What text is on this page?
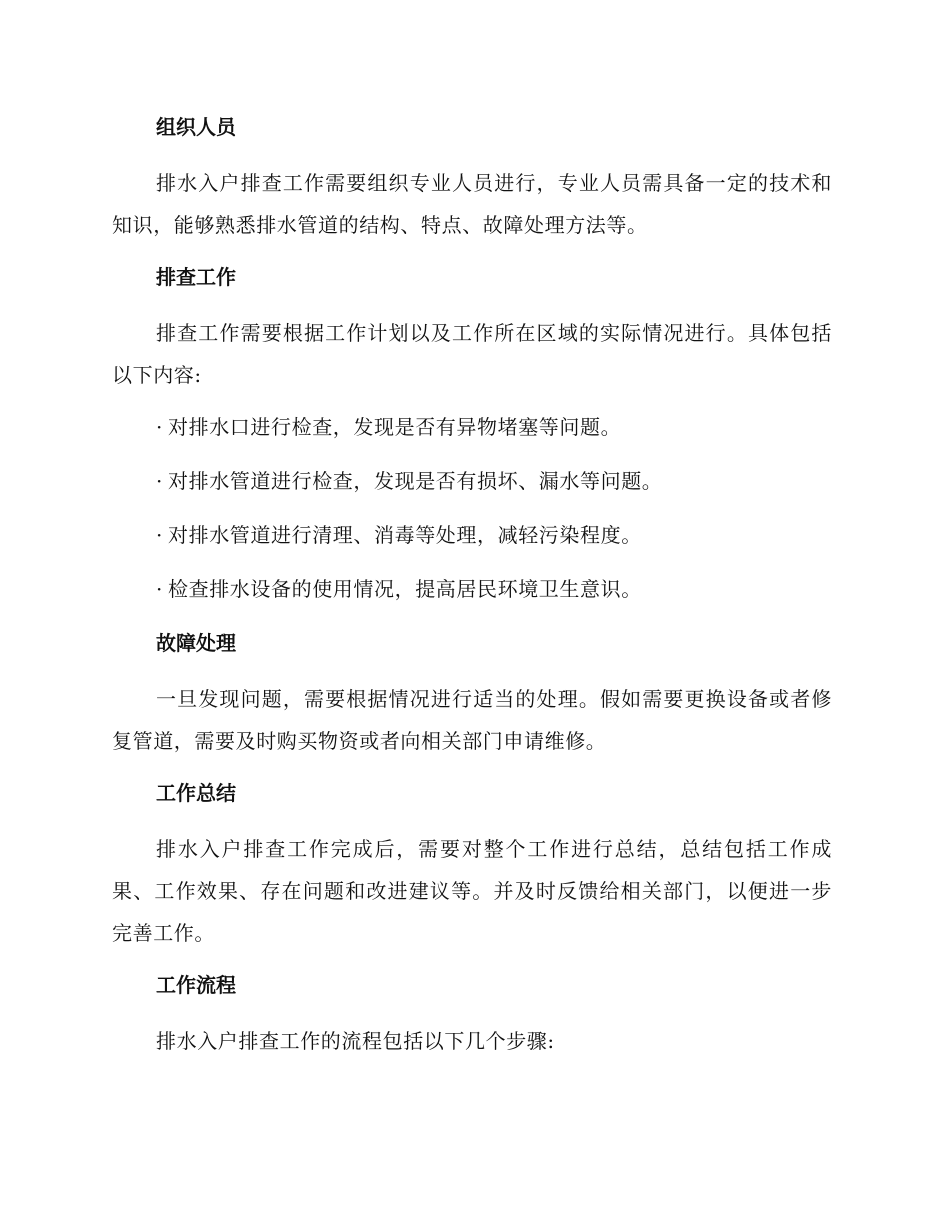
组织人员

排水入户排查工作需要组织专业人员进行，专业人员需具备一定的技术和知识，能够熟悉排水管道的结构、特点、故障处理方法等。

排查工作

排查工作需要根据工作计划以及工作所在区域的实际情况进行。具体包括以下内容:

· 对排水口进行检查，发现是否有异物堵塞等问题。
· 对排水管道进行检查，发现是否有损坏、漏水等问题。
· 对排水管道进行清理、消毒等处理，减轻污染程度。
· 检查排水设备的使用情况，提高居民环境卫生意识。
故障处理

一旦发现问题，需要根据情况进行适当的处理。假如需要更换设备或者修复管道，需要及时购买物资或者向相关部门申请维修。

工作总结

排水入户排查工作完成后，需要对整个工作进行总结，总结包括工作成果、工作效果、存在问题和改进建议等。并及时反馈给相关部门，以便进一步完善工作。

工作流程

排水入户排查工作的流程包括以下几个步骤:
